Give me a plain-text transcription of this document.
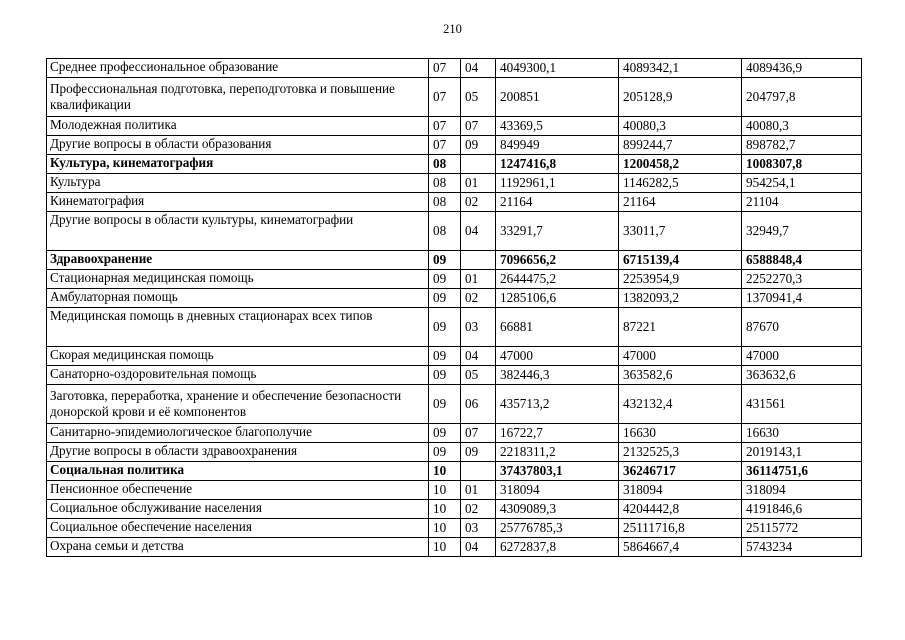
210
Среднее профессиональное образование	07	04	4049300,1	4089342,1	4089436,9
Профессиональная подготовка, переподготовка и повышение квалификации	07	05	200851	205128,9	204797,8
Молодежная политика	07	07	43369,5	40080,3	40080,3
Другие вопросы в области образования	07	09	849949	899244,7	898782,7
Культура, кинематография	08		1247416,8	1200458,2	1008307,8
Культура	08	01	1192961,1	1146282,5	954254,1
Кинематография	08	02	21164	21164	21104
Другие вопросы в области культуры, кинематографии	08	04	33291,7	33011,7	32949,7
Здравоохранение	09		7096656,2	6715139,4	6588848,4
Стационарная медицинская помощь	09	01	2644475,2	2253954,9	2252270,3
Амбулаторная помощь	09	02	1285106,6	1382093,2	1370941,4
Медицинская помощь в дневных стационарах всех типов	09	03	66881	87221	87670
Скорая медицинская помощь	09	04	47000	47000	47000
Санаторно-оздоровительная помощь	09	05	382446,3	363582,6	363632,6
Заготовка, переработка, хранение и обеспечение безопасности донорской крови и её компонентов	09	06	435713,2	432132,4	431561
Санитарно-эпидемиологическое благополучие	09	07	16722,7	16630	16630
Другие вопросы в области здравоохранения	09	09	2218311,2	2132525,3	2019143,1
Социальная политика	10		37437803,1	36246717	36114751,6
Пенсионное обеспечение	10	01	318094	318094	318094
Социальное обслуживание населения	10	02	4309089,3	4204442,8	4191846,6
Социальное обеспечение населения	10	03	25776785,3	25111716,8	25115772
Охрана семьи и детства	10	04	6272837,8	5864667,4	5743234
